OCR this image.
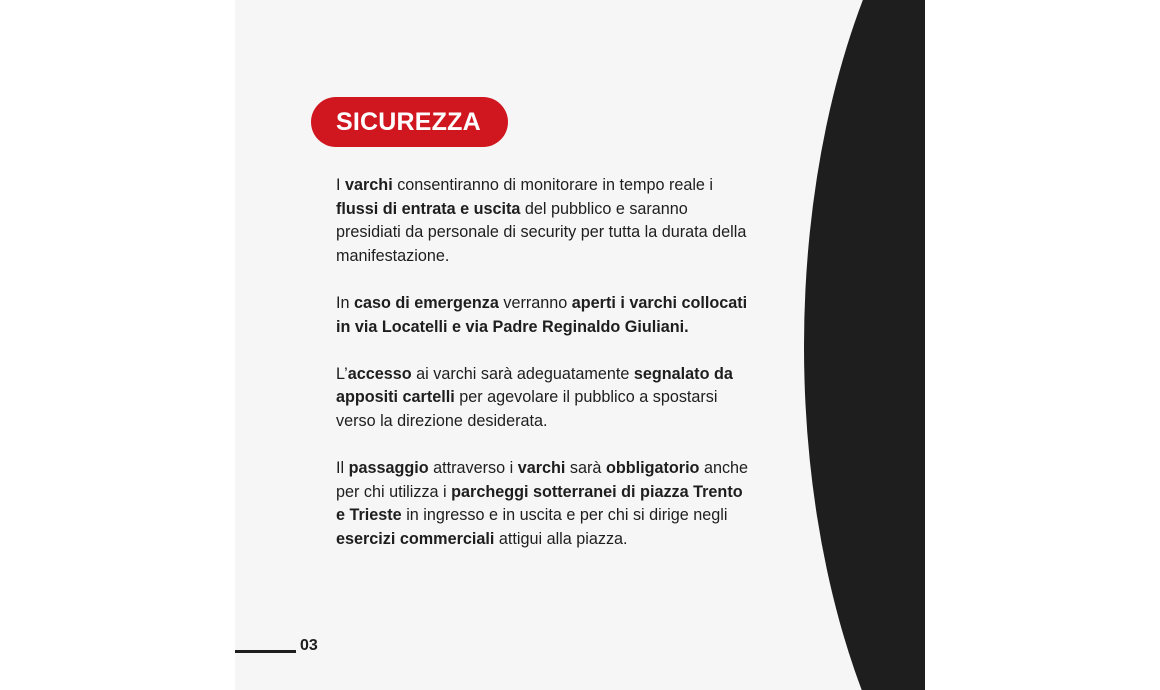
SICUREZZA

I varchi consentiranno di monitorare in tempo reale i flussi di entrata e uscita del pubblico e saranno presidiati da personale di security per tutta la durata della manifestazione.

In caso di emergenza verranno aperti i varchi collocati in via Locatelli e via Padre Reginaldo Giuliani.

L’accesso ai varchi sarà adeguatamente segnalato da appositi cartelli per agevolare il pubblico a spostarsi verso la direzione desiderata.

Il passaggio attraverso i varchi sarà obbligatorio anche per chi utilizza i parcheggi sotterranei di piazza Trento e Trieste in ingresso e in uscita e per chi si dirige negli esercizi commerciali attigui alla piazza.

03
